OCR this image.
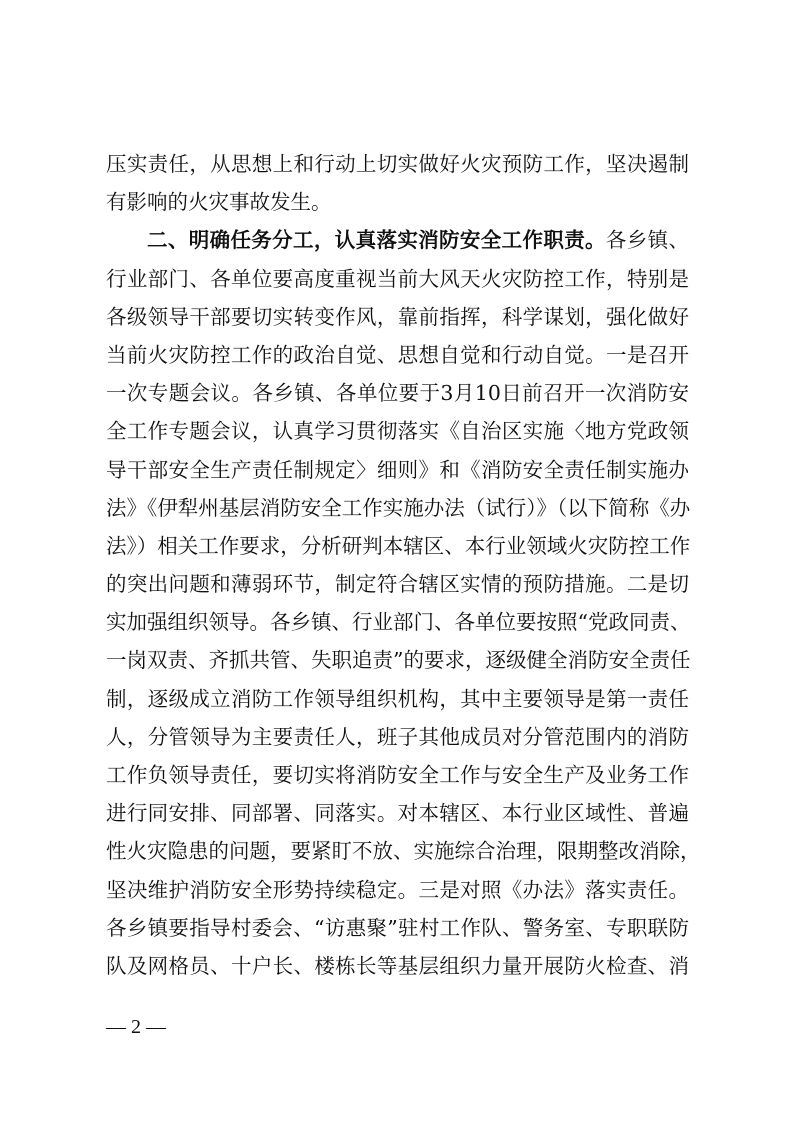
压实责任，从思想上和行动上切实做好火灾预防工作，坚决遏制
有影响的火灾事故发生。
二、明确任务分工，认真落实消防安全工作职责。各乡镇、
行业部门、各单位要高度重视当前大风天火灾防控工作，特别是
各级领导干部要切实转变作风，靠前指挥，科学谋划，强化做好
当前火灾防控工作的政治自觉、思想自觉和行动自觉。一是召开
一次专题会议。各乡镇、各单位要于3月10日前召开一次消防安
全工作专题会议，认真学习贯彻落实《自治区实施〈地方党政领
导干部安全生产责任制规定〉细则》和《消防安全责任制实施办
法》《伊犁州基层消防安全工作实施办法（试行）》（以下简称《办
法》）相关工作要求，分析研判本辖区、本行业领域火灾防控工作
的突出问题和薄弱环节，制定符合辖区实情的预防措施。二是切
实加强组织领导。各乡镇、行业部门、各单位要按照“党政同责、
一岗双责、齐抓共管、失职追责”的要求，逐级健全消防安全责任
制，逐级成立消防工作领导组织机构，其中主要领导是第一责任
人，分管领导为主要责任人，班子其他成员对分管范围内的消防
工作负领导责任，要切实将消防安全工作与安全生产及业务工作
进行同安排、同部署、同落实。对本辖区、本行业区域性、普遍
性火灾隐患的问题，要紧盯不放、实施综合治理，限期整改消除，
坚决维护消防安全形势持续稳定。三是对照《办法》落实责任。
各乡镇要指导村委会、“访惠聚”驻村工作队、警务室、专职联防
队及网格员、十户长、楼栋长等基层组织力量开展防火检查、消
— 2 —
